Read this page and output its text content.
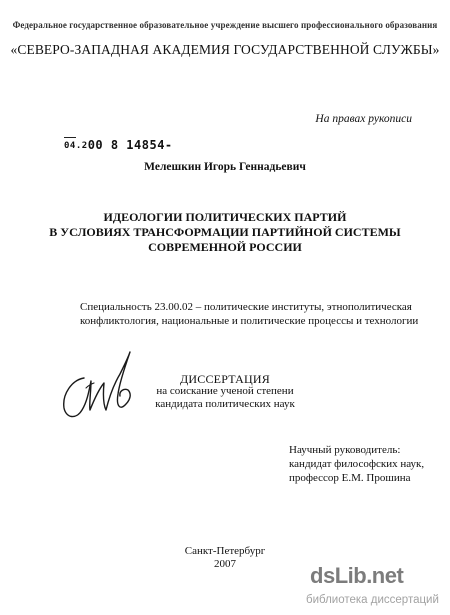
Федеральное государственное образовательное учреждение высшего профессионального образования
«СЕВЕРО-ЗАПАДНАЯ АКАДЕМИЯ ГОСУДАРСТВЕННОЙ СЛУЖБЫ»
На правах рукописи
04.200 8 14854-
Мелешкин Игорь Геннадьевич
ИДЕОЛОГИИ ПОЛИТИЧЕСКИХ ПАРТИЙ
В УСЛОВИЯХ ТРАНСФОРМАЦИИ ПАРТИЙНОЙ СИСТЕМЫ
СОВРЕМЕННОЙ РОССИИ
Специальность 23.00.02 – политические институты, этнополитическая
конфликтология, национальные и политические процессы и технологии
ДИССЕРТАЦИЯ
на соискание ученой степени
кандидата политических наук
Научный руководитель:
кандидат философских наук,
профессор Е.М. Прошина
Санкт-Петербург
2007	dsLib.net
библиотека диссертаций
